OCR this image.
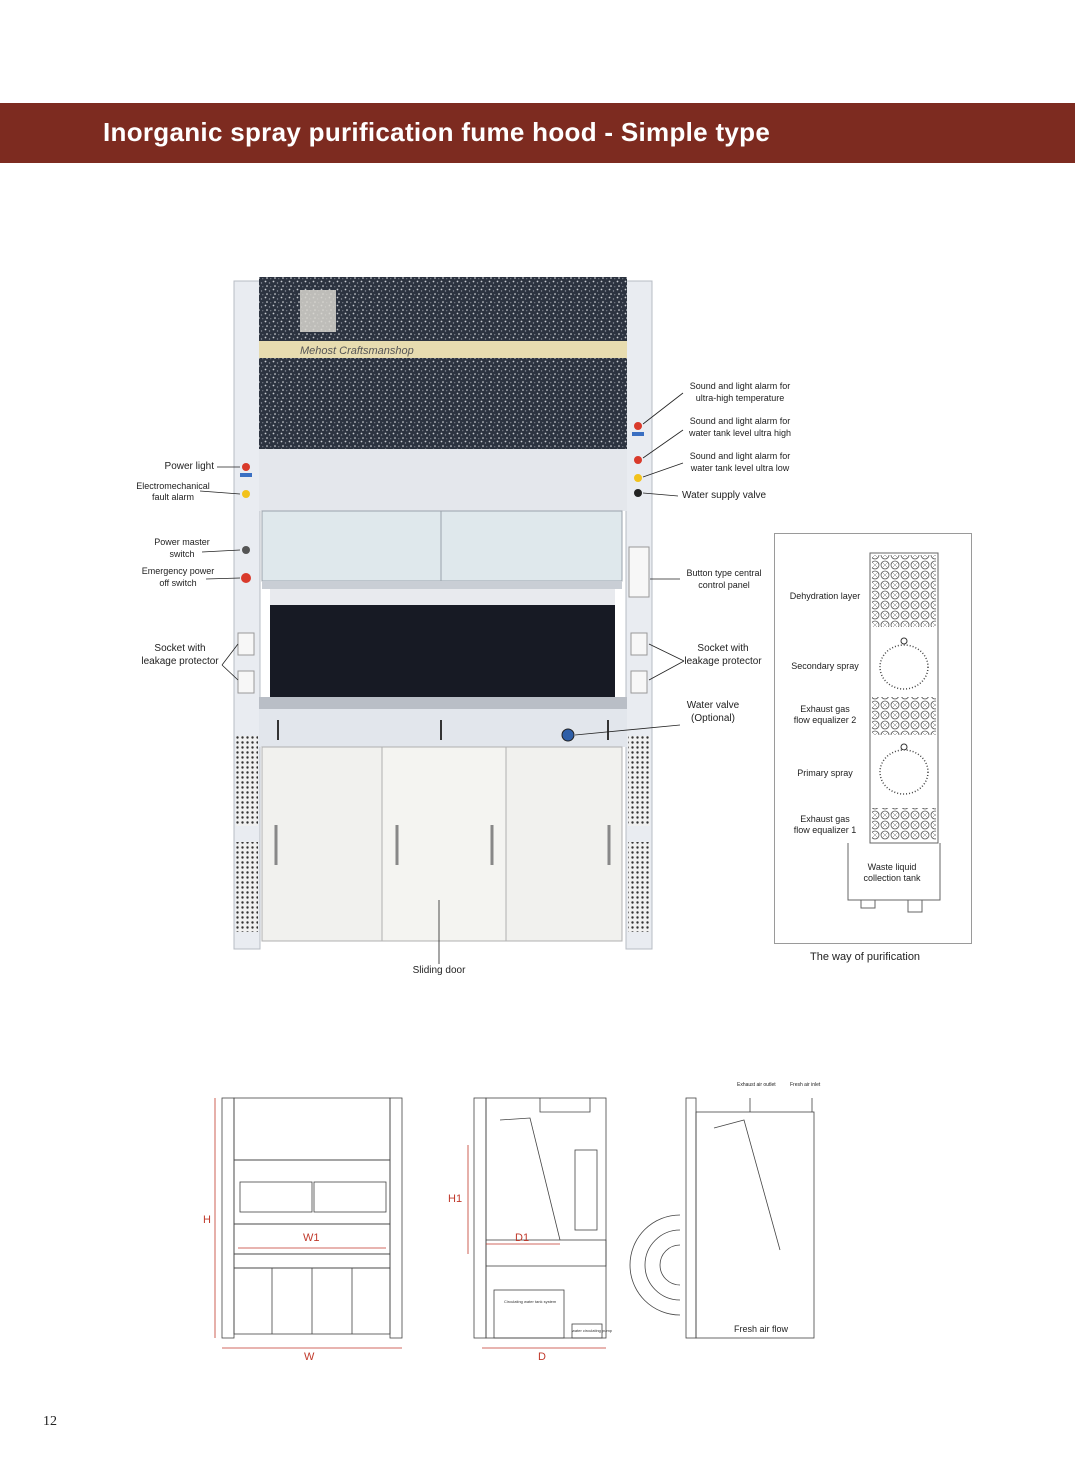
Inorganic spray purification fume hood - Simple type
Mehost Craftsmanshop
H
W1
W
H1
D1
D
Circulating water tank system
water circulating pump
Exhaust air outlet	Fresh air inlet
Fresh air flow
Power light
Electromechanical
fault alarm
Power master
switch
Emergency power
off switch
Socket with
leakage protector
Sound and light alarm for
ultra-high temperature
Sound and light alarm for
water tank level ultra high
Sound and light alarm for
water tank level ultra low
Water supply valve
Button type central
control panel
Socket with
leakage protector
Water valve
(Optional)
Sliding door
Dehydration layer
Secondary spray
Exhaust gas
flow equalizer 2
Primary spray
Exhaust gas
flow equalizer 1
Waste liquid
collection tank
The way of purification
12
